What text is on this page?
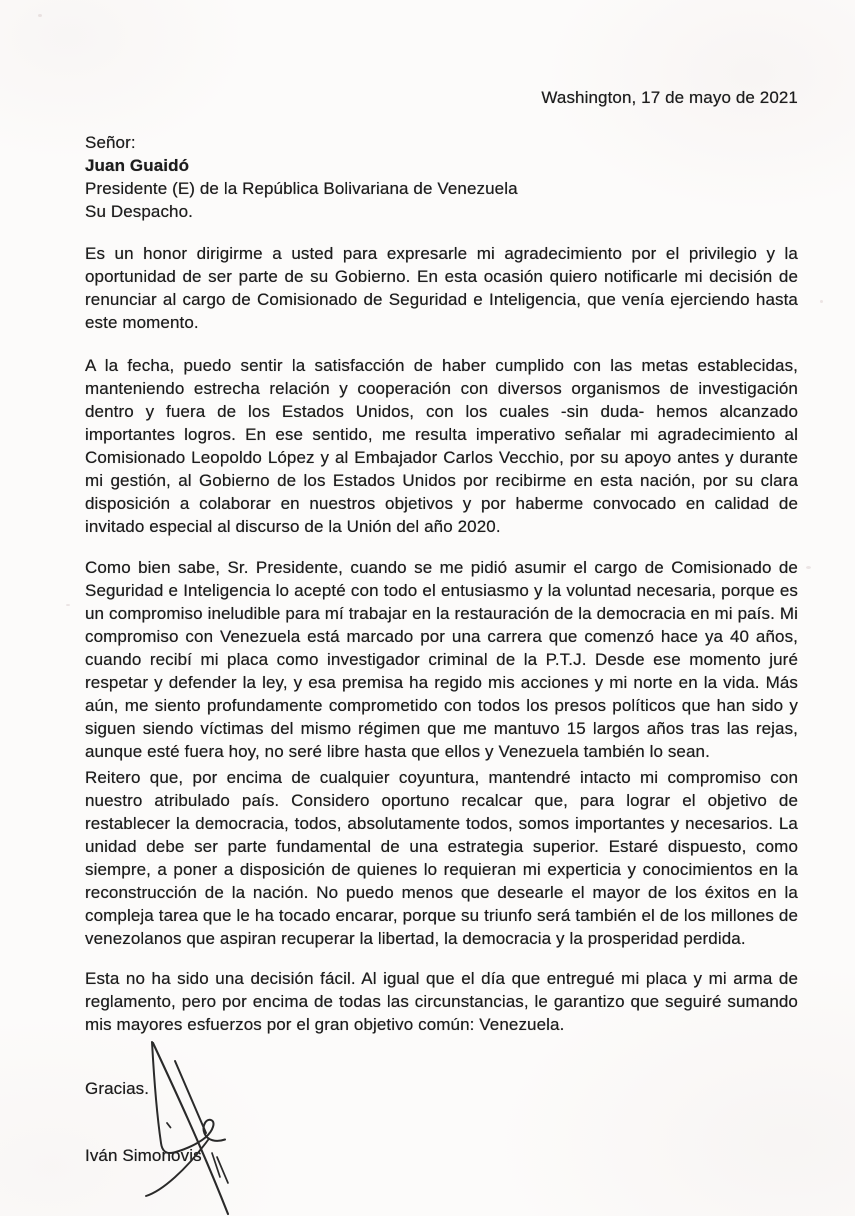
Washington, 17 de mayo de 2021
Señor:
Juan Guaidó
Presidente (E) de la República Bolivariana de Venezuela
Su Despacho.

Es un honor dirigirme a usted para expresarle mi agradecimiento por el privilegio y la oportunidad de ser parte de su Gobierno. En esta ocasión quiero notificarle mi decisión de renunciar al cargo de Comisionado de Seguridad e Inteligencia, que venía ejerciendo hasta este momento.

A la fecha, puedo sentir la satisfacción de haber cumplido con las metas establecidas, manteniendo estrecha relación y cooperación con diversos organismos de investigación dentro y fuera de los Estados Unidos, con los cuales -sin duda- hemos alcanzado importantes logros. En ese sentido, me resulta imperativo señalar mi agradecimiento al Comisionado Leopoldo López y al Embajador Carlos Vecchio, por su apoyo antes y durante mi gestión, al Gobierno de los Estados Unidos por recibirme en esta nación, por su clara disposición a colaborar en nuestros objetivos y por haberme convocado en calidad de invitado especial al discurso de la Unión del año 2020.

Como bien sabe, Sr. Presidente, cuando se me pidió asumir el cargo de Comisionado de Seguridad e Inteligencia lo acepté con todo el entusiasmo y la voluntad necesaria, porque es un compromiso ineludible para mí trabajar en la restauración de la democracia en mi país. Mi compromiso con Venezuela está marcado por una carrera que comenzó hace ya 40 años, cuando recibí mi placa como investigador criminal de la P.T.J. Desde ese momento juré respetar y defender la ley, y esa premisa ha regido mis acciones y mi norte en la vida. Más aún, me siento profundamente comprometido con todos los presos políticos que han sido y siguen siendo víctimas del mismo régimen que me mantuvo 15 largos años tras las rejas, aunque esté fuera hoy, no seré libre hasta que ellos y Venezuela también lo sean.

Reitero que, por encima de cualquier coyuntura, mantendré intacto mi compromiso con nuestro atribulado país. Considero oportuno recalcar que, para lograr el objetivo de restablecer la democracia, todos, absolutamente todos, somos importantes y necesarios. La unidad debe ser parte fundamental de una estrategia superior. Estaré dispuesto, como siempre, a poner a disposición de quienes lo requieran mi experticia y conocimientos en la reconstrucción de la nación. No puedo menos que desearle el mayor de los éxitos en la compleja tarea que le ha tocado encarar, porque su triunfo será también el de los millones de venezolanos que aspiran recuperar la libertad, la democracia y la prosperidad perdida.

Esta no ha sido una decisión fácil. Al igual que el día que entregué mi placa y mi arma de reglamento, pero por encima de todas las circunstancias, le garantizo que seguiré sumando mis mayores esfuerzos por el gran objetivo común: Venezuela.

Gracias.
Iván Simonovis
